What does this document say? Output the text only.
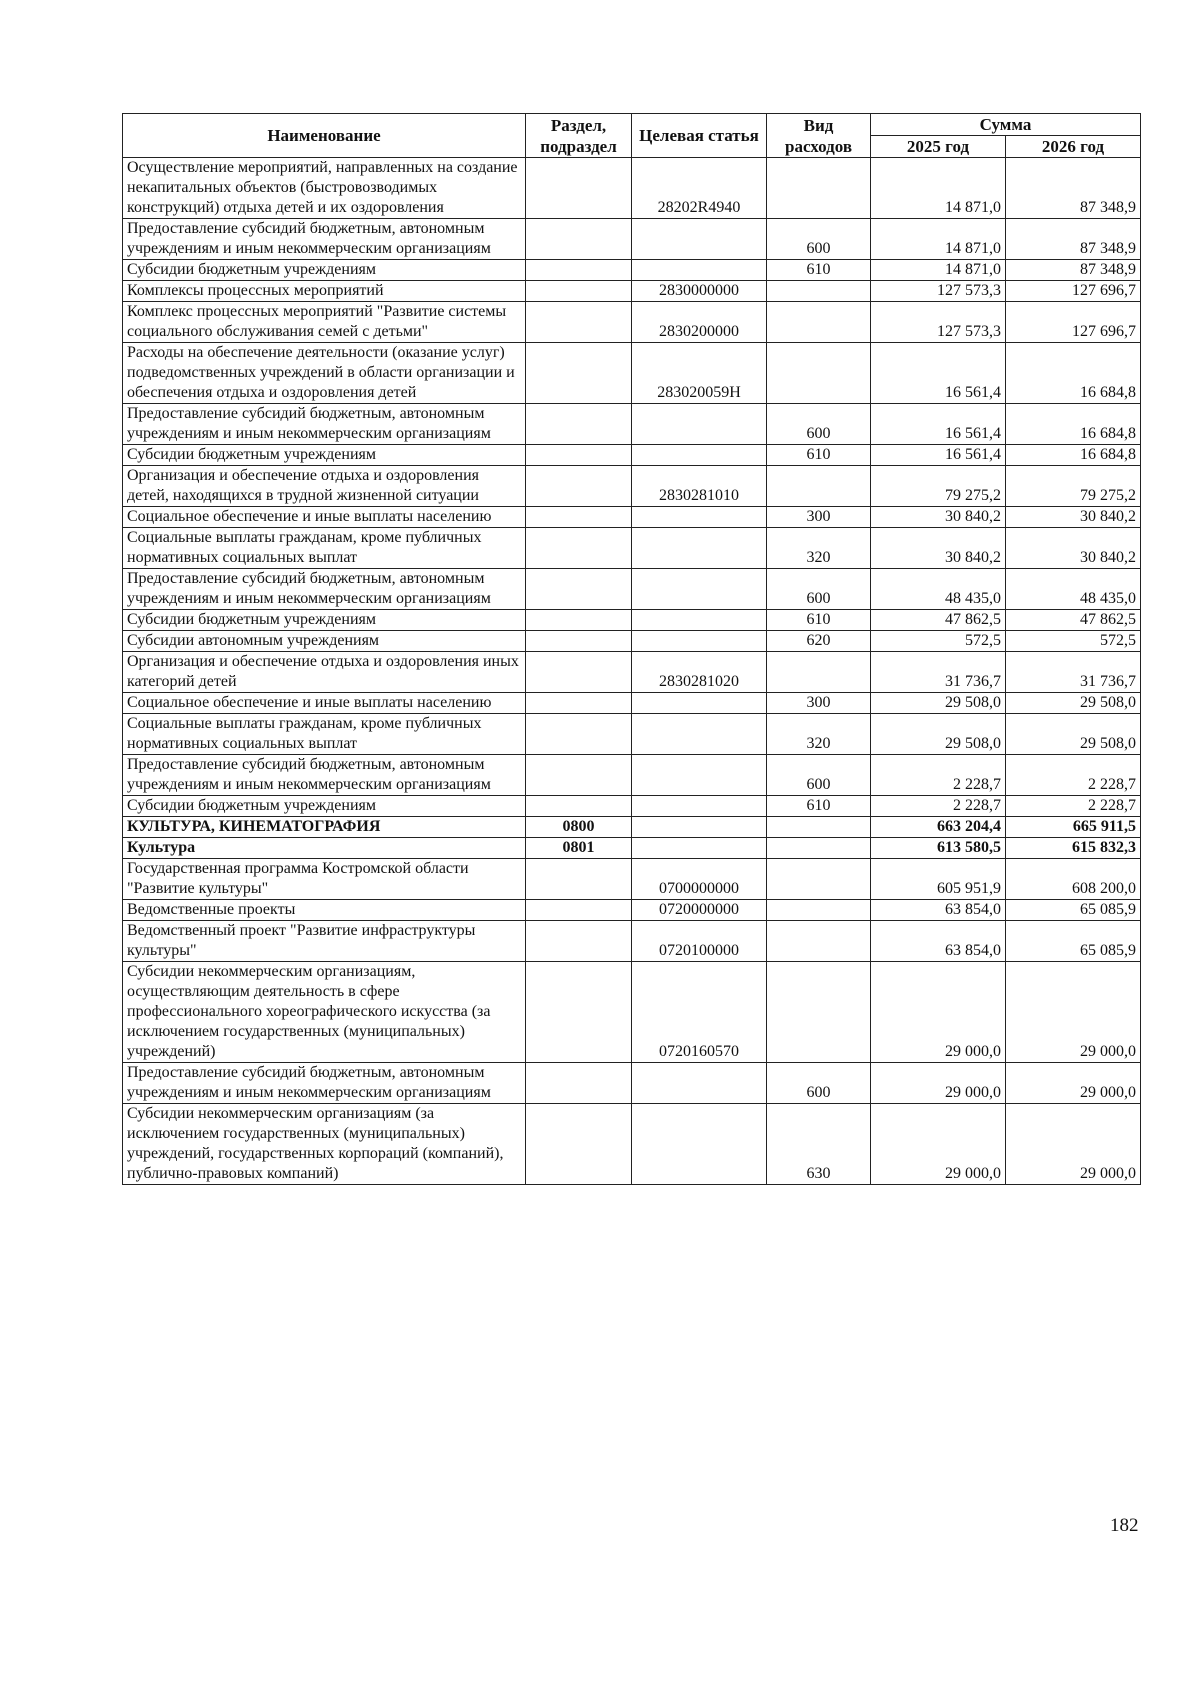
Наименование	Раздел, подраздел	Целевая статья	Вид расходов	Сумма	
				2025 год	2026 год
Осуществление мероприятий, направленных на создание некапитальных объектов (быстровозводимых конструкций) отдыха детей и их оздоровления		28202R4940		14 871,0	87 348,9
Предоставление субсидий бюджетным, автономным учреждениям и иным некоммерческим организациям			600	14 871,0	87 348,9
Субсидии бюджетным учреждениям			610	14 871,0	87 348,9
Комплексы процессных мероприятий		2830000000		127 573,3	127 696,7
Комплекс процессных мероприятий "Развитие системы социального обслуживания семей с детьми"		2830200000		127 573,3	127 696,7
Расходы на обеспечение деятельности (оказание услуг) подведомственных учреждений в области организации и обеспечения отдыха и оздоровления детей		283020059Н		16 561,4	16 684,8
Предоставление субсидий бюджетным, автономным учреждениям и иным некоммерческим организациям			600	16 561,4	16 684,8
Субсидии бюджетным учреждениям			610	16 561,4	16 684,8
Организация и обеспечение отдыха и оздоровления детей, находящихся в трудной жизненной ситуации		2830281010		79 275,2	79 275,2
Социальное обеспечение и иные выплаты населению			300	30 840,2	30 840,2
Социальные выплаты гражданам, кроме публичных нормативных социальных выплат			320	30 840,2	30 840,2
Предоставление субсидий бюджетным, автономным учреждениям и иным некоммерческим организациям			600	48 435,0	48 435,0
Субсидии бюджетным учреждениям			610	47 862,5	47 862,5
Субсидии автономным учреждениям			620	572,5	572,5
Организация и обеспечение отдыха и оздоровления иных категорий детей		2830281020		31 736,7	31 736,7
Социальное обеспечение и иные выплаты населению			300	29 508,0	29 508,0
Социальные выплаты гражданам, кроме публичных нормативных социальных выплат			320	29 508,0	29 508,0
Предоставление субсидий бюджетным, автономным учреждениям и иным некоммерческим организациям			600	2 228,7	2 228,7
Субсидии бюджетным учреждениям			610	2 228,7	2 228,7
КУЛЬТУРА, КИНЕМАТОГРАФИЯ	0800			663 204,4	665 911,5
Культура	0801			613 580,5	615 832,3
Государственная программа Костромской области "Развитие культуры"		0700000000		605 951,9	608 200,0
Ведомственные проекты		0720000000		63 854,0	65 085,9
Ведомственный проект "Развитие инфраструктуры культуры"		0720100000		63 854,0	65 085,9
Субсидии некоммерческим организациям, осуществляющим деятельность в сфере профессионального хореографического искусства (за исключением государственных (муниципальных) учреждений)		0720160570		29 000,0	29 000,0
Предоставление субсидий бюджетным, автономным учреждениям и иным некоммерческим организациям			600	29 000,0	29 000,0
Субсидии некоммерческим организациям (за исключением государственных (муниципальных) учреждений, государственных корпораций (компаний), публично-правовых компаний)			630	29 000,0	29 000,0
182
